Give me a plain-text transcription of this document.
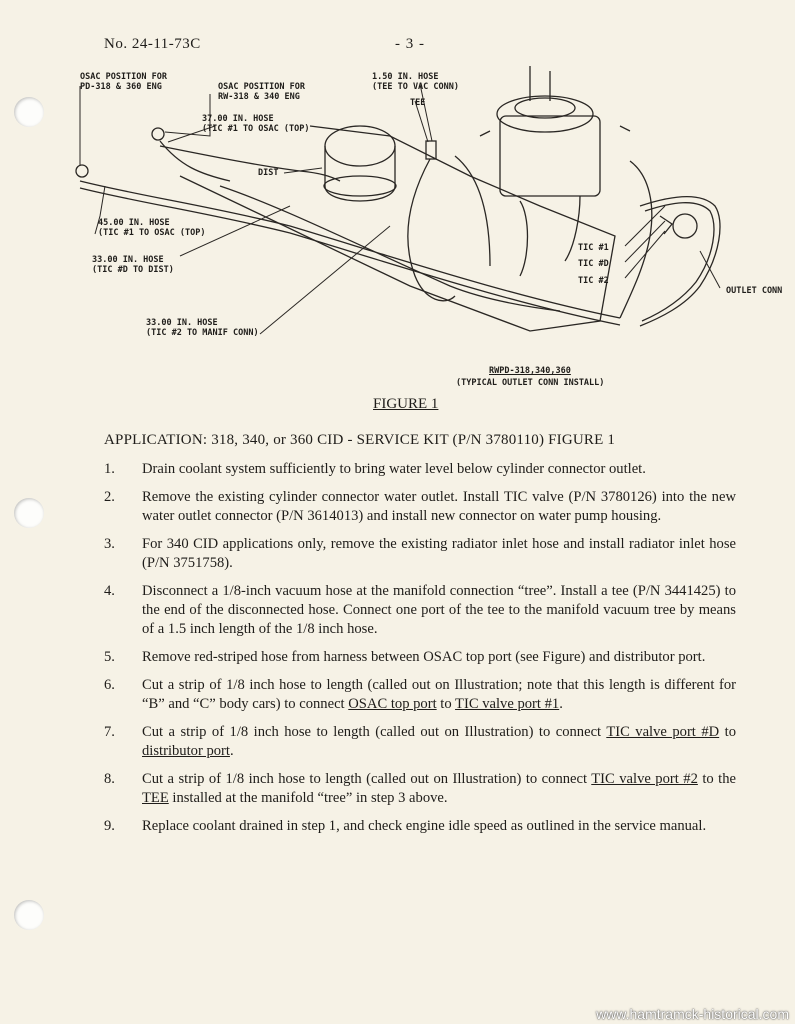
No. 24-11-73C	- 3 -
OSAC POSITION FOR
PD-318 & 360 ENG	OSAC POSITION FOR
RW-318 & 340 ENG
1.50 IN. HOSE
(TEE TO VAC CONN)
TEE
37.00 IN. HOSE
(TIC #1 TO OSAC (TOP)
DIST
45.00 IN. HOSE
(TIC #1 TO OSAC (TOP)
33.00 IN. HOSE
(TIC #D TO DIST)
33.00 IN. HOSE
(TIC #2 TO MANIF CONN)
TIC #1
TIC #D
TIC #2
OUTLET CONN
RWPD-318,340,360
(TYPICAL OUTLET CONN INSTALL)
FIGURE 1
APPLICATION: 318, 340, or 360 CID - SERVICE KIT (P/N 3780110) FIGURE 1
1.	Drain coolant system sufficiently to bring water level below cylinder connector outlet.
2.	Remove the existing cylinder connector water outlet. Install TIC valve (P/N 3780126) into the new water outlet connector (P/N 3614013) and install new connector on water pump housing.
3.	For 340 CID applications only, remove the existing radiator inlet hose and install radiator inlet hose (P/N 3751758).
4.	Disconnect a 1/8-inch vacuum hose at the manifold connection “tree”. Install a tee (P/N 3441425) to the end of the disconnected hose. Connect one port of the tee to the manifold vacuum tree by means of a 1.5 inch length of the 1/8 inch hose.
5.	Remove red-striped hose from harness between OSAC top port (see Figure) and distributor port.
6.	Cut a strip of 1/8 inch hose to length (called out on Illustration; note that this length is different for “B” and “C” body cars) to connect OSAC top port to TIC valve port #1.
7.	Cut a strip of 1/8 inch hose to length (called out on Illustration) to connect TIC valve port #D to distributor port.
8.	Cut a strip of 1/8 inch hose to length (called out on Illustration) to connect TIC valve port #2 to the TEE installed at the manifold “tree” in step 3 above.
9.	Replace coolant drained in step 1, and check engine idle speed as outlined in the service manual.
www.hamtramck-historical.com
